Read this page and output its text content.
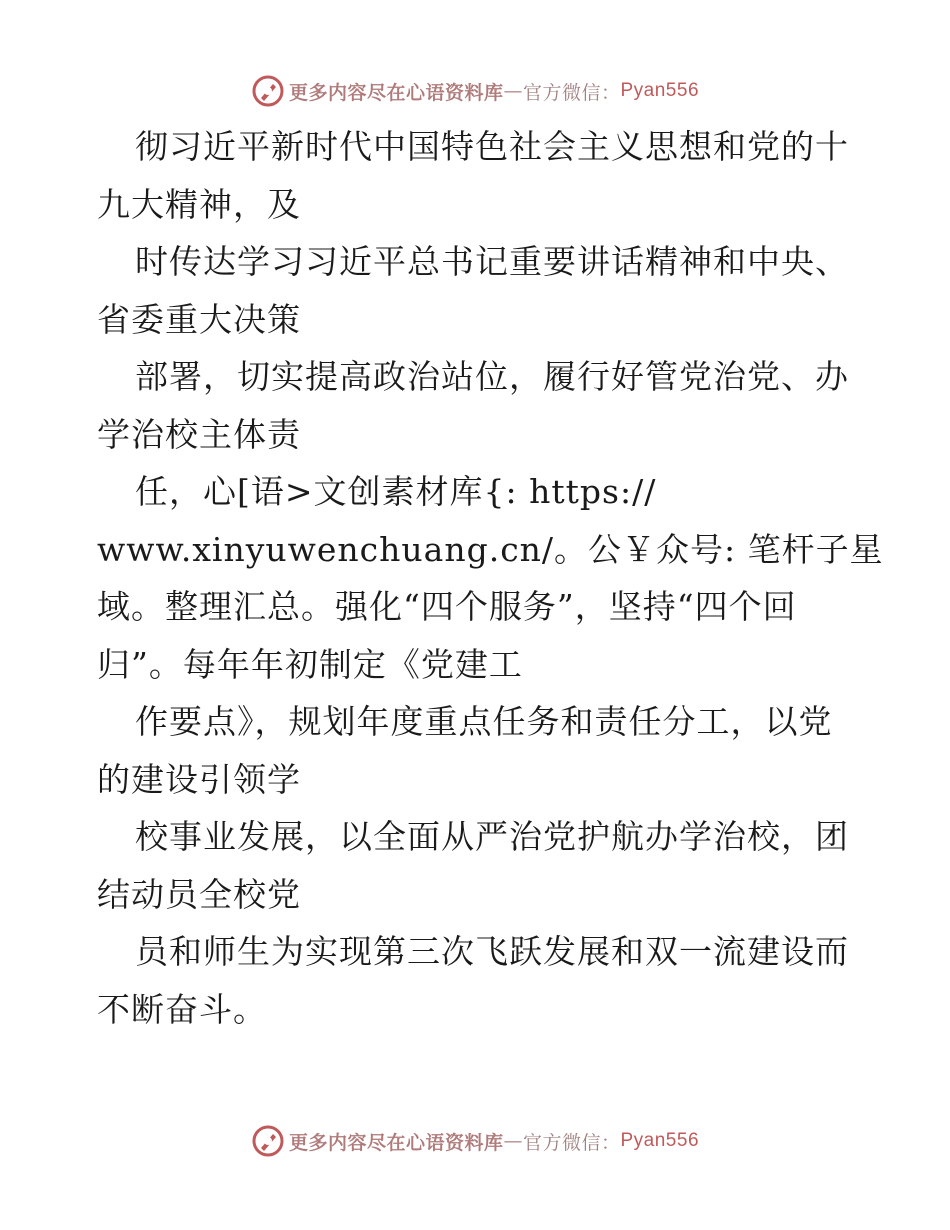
更多内容尽在心语资料库 — 官方微信： Pyan556
彻习近平新时代中国特色社会主义思想和党的十
九大精神，及
时传达学习习近平总书记重要讲话精神和中央、
省委重大决策
部署，切实提高政治站位，履行好管党治党、办
学治校主体责
任，心[语>文创素材库{: https://
www.xinyuwenchuang.cn/。公￥众号: 笔杆子星
域。整理汇总。强化“四个服务”，坚持“四个回
归”。每年年初制定《党建工
作要点》，规划年度重点任务和责任分工，以党
的建设引领学
校事业发展，以全面从严治党护航办学治校，团
结动员全校党
员和师生为实现第三次飞跃发展和双一流建设而
不断奋斗。
更多内容尽在心语资料库 — 官方微信： Pyan556
